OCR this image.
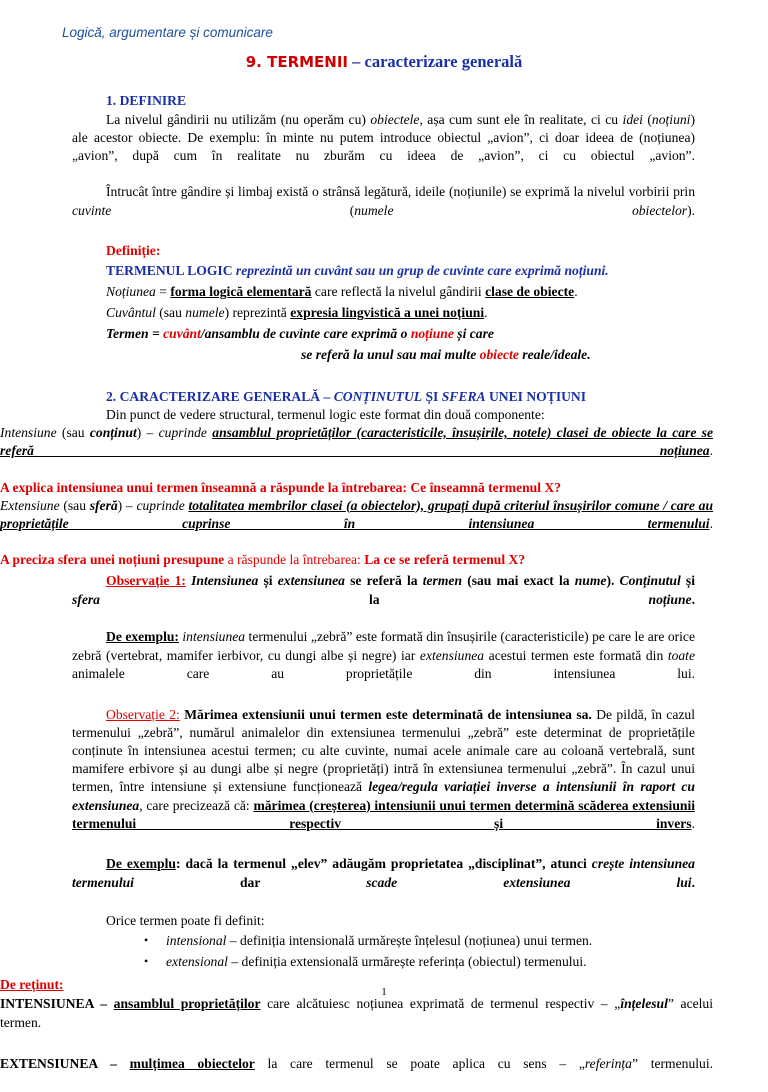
Logică, argumentare și comunicare
9. TERMENII – caracterizare generală

1. DEFINIRE

La nivelul gândirii nu utilizăm (nu operăm cu) obiectele, așa cum sunt ele în realitate, ci cu idei (noțiuni) ale acestor obiecte. De exemplu: în minte nu putem introduce obiectul „avion”, ci doar ideea de (noțiunea) „avion”, după cum în realitate nu zburăm cu ideea de „avion”, ci cu obiectul „avion”.

Întrucât între gândire și limbaj există o strânsă legătură, ideile (noțiunile) se exprimă la nivelul vorbirii prin cuvinte (numele obiectelor).

Definiție:

TERMENUL LOGIC reprezintă un cuvânt sau un grup de cuvinte care exprimă noțiuni.

Noțiunea = forma logică elementară care reflectă la nivelul gândirii clase de obiecte.

Cuvântul (sau numele) reprezintă expresia lingvistică a unei noțiuni.

Termen = cuvânt/ansamblu de cuvinte care exprimă o noțiune și care

se referă la unul sau mai multe obiecte reale/ideale.

2. CARACTERIZARE GENERALĂ – CONȚINUTUL ȘI SFERA UNEI NOȚIUNI

Din punct de vedere structural, termenul logic este format din două componente:

Intensiune (sau conținut) – cuprinde ansamblul proprietăților (caracteristicile, însușirile, notele) clasei de obiecte la care se referă noțiunea.

A explica intensiunea unui termen înseamnă a răspunde la întrebarea: Ce înseamnă termenul X?

Extensiune (sau sferă) – cuprinde totalitatea membrilor clasei (a obiectelor), grupați după criteriul însușirilor comune / care au proprietățile cuprinse în intensiunea termenului.

A preciza sfera unei noțiuni presupune a răspunde la întrebarea: La ce se referă termenul X?

Observație 1: Intensiunea și extensiunea se referă la termen (sau mai exact la nume). Conținutul și sfera la noțiune.

De exemplu: intensiunea termenului „zebră” este formată din însușirile (caracteristicile) pe care le are orice zebră (vertebrat, mamifer ierbivor, cu dungi albe și negre) iar extensiunea acestui termen este formată din toate animalele care au proprietățile din intensiunea lui.

Observație 2: Mărimea extensiunii unui termen este determinată de intensiunea sa. De pildă, în cazul termenului „zebră”, numărul animalelor din extensiunea termenului „zebră” este determinat de proprietățile conținute în intensiunea acestui termen; cu alte cuvinte, numai acele animale care au coloană vertebrală, sunt mamifere erbivore și au dungi albe și negre (proprietăți) intră în extensiunea termenului „zebră”. În cazul unui termen, între intensiune și extensiune funcționează legea/regula variației inverse a intensiunii în raport cu extensiunea, care precizează că: mărimea (creșterea) intensiunii unui termen determină scăderea extensiunii termenului respectiv și invers.

De exemplu: dacă la termenul „elev” adăugăm proprietatea „disciplinat”, atunci crește intensiunea termenului dar scade extensiunea lui.

Orice termen poate fi definit:

• intensional – definiția intensională urmărește înțelesul (noțiunea) unui termen.
• extensional – definiția extensională urmărește referința (obiectul) termenului.

De reținut:

INTENSIUNEA – ansamblul proprietăților care alcătuiesc noțiunea exprimată de termenul respectiv – „înțelesul” acelui termen.

EXTENSIUNEA – mulțimea obiectelor la care termenul se poate aplica cu sens – „referința” termenului.

1
